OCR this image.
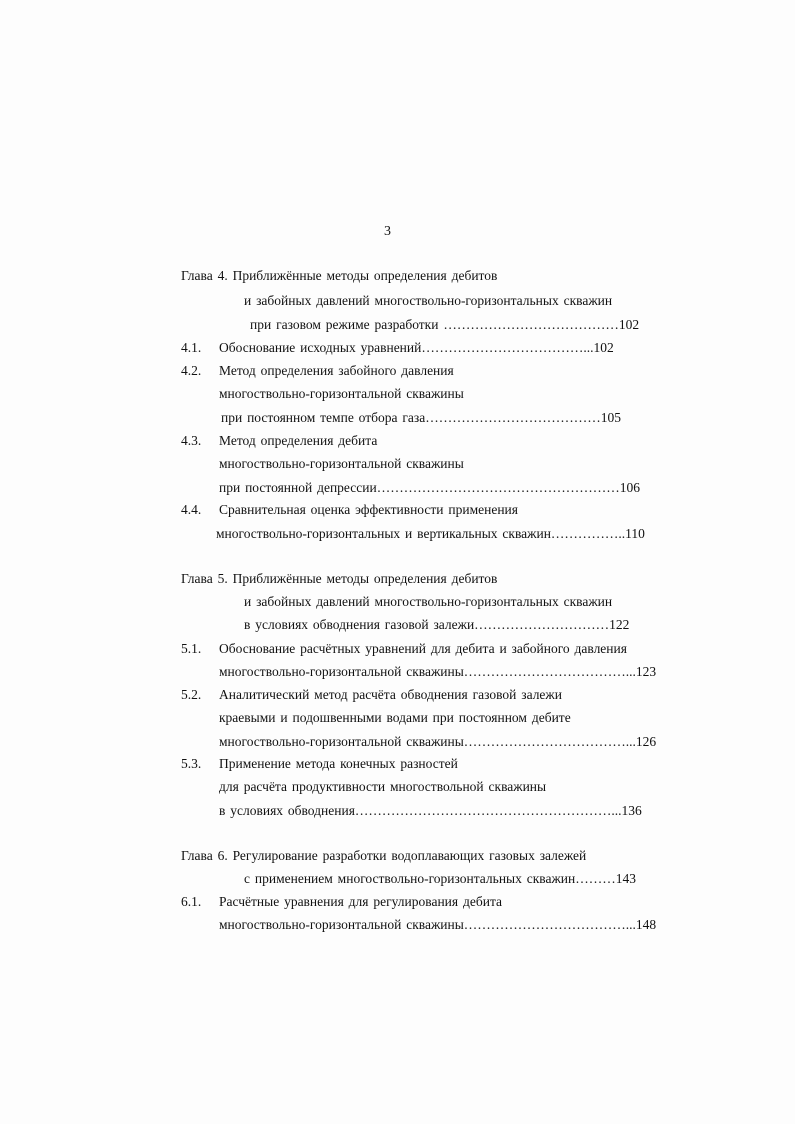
3
Глава 4. Приближённые методы определения дебитов
и забойных давлений многоствольно-горизонтальных скважин
при газовом режиме разработки …………………………………102
4.1. Обоснование исходных уравнений………………………………...102
4.2. Метод определения забойного давления
многоствольно-горизонтальной скважины
при постоянном темпе отбора газа…………………………………105
4.3. Метод определения дебита
многоствольно-горизонтальной скважины
при постоянной депрессии………………………………………………106
4.4. Сравнительная оценка эффективности применения
многоствольно-горизонтальных и вертикальных скважин……………..110
Глава 5. Приближённые методы определения дебитов
и забойных давлений многоствольно-горизонтальных скважин
в условиях обводнения газовой залежи…………………………122
5.1. Обоснование расчётных уравнений для дебита и забойного давления
многоствольно-горизонтальной скважины………………………………...123
5.2. Аналитический метод расчёта обводнения газовой залежи
краевыми и подошвенными водами при постоянном дебите
многоствольно-горизонтальной скважины………………………………...126
5.3. Применение метода конечных разностей
для расчёта продуктивности многоствольной скважины
в условиях обводнения…………………………………………………...136
Глава 6. Регулирование разработки водоплавающих газовых залежей
с применением многоствольно-горизонтальных скважин………143
6.1. Расчётные уравнения для регулирования дебита
многоствольно-горизонтальной скважины………………………………...148
